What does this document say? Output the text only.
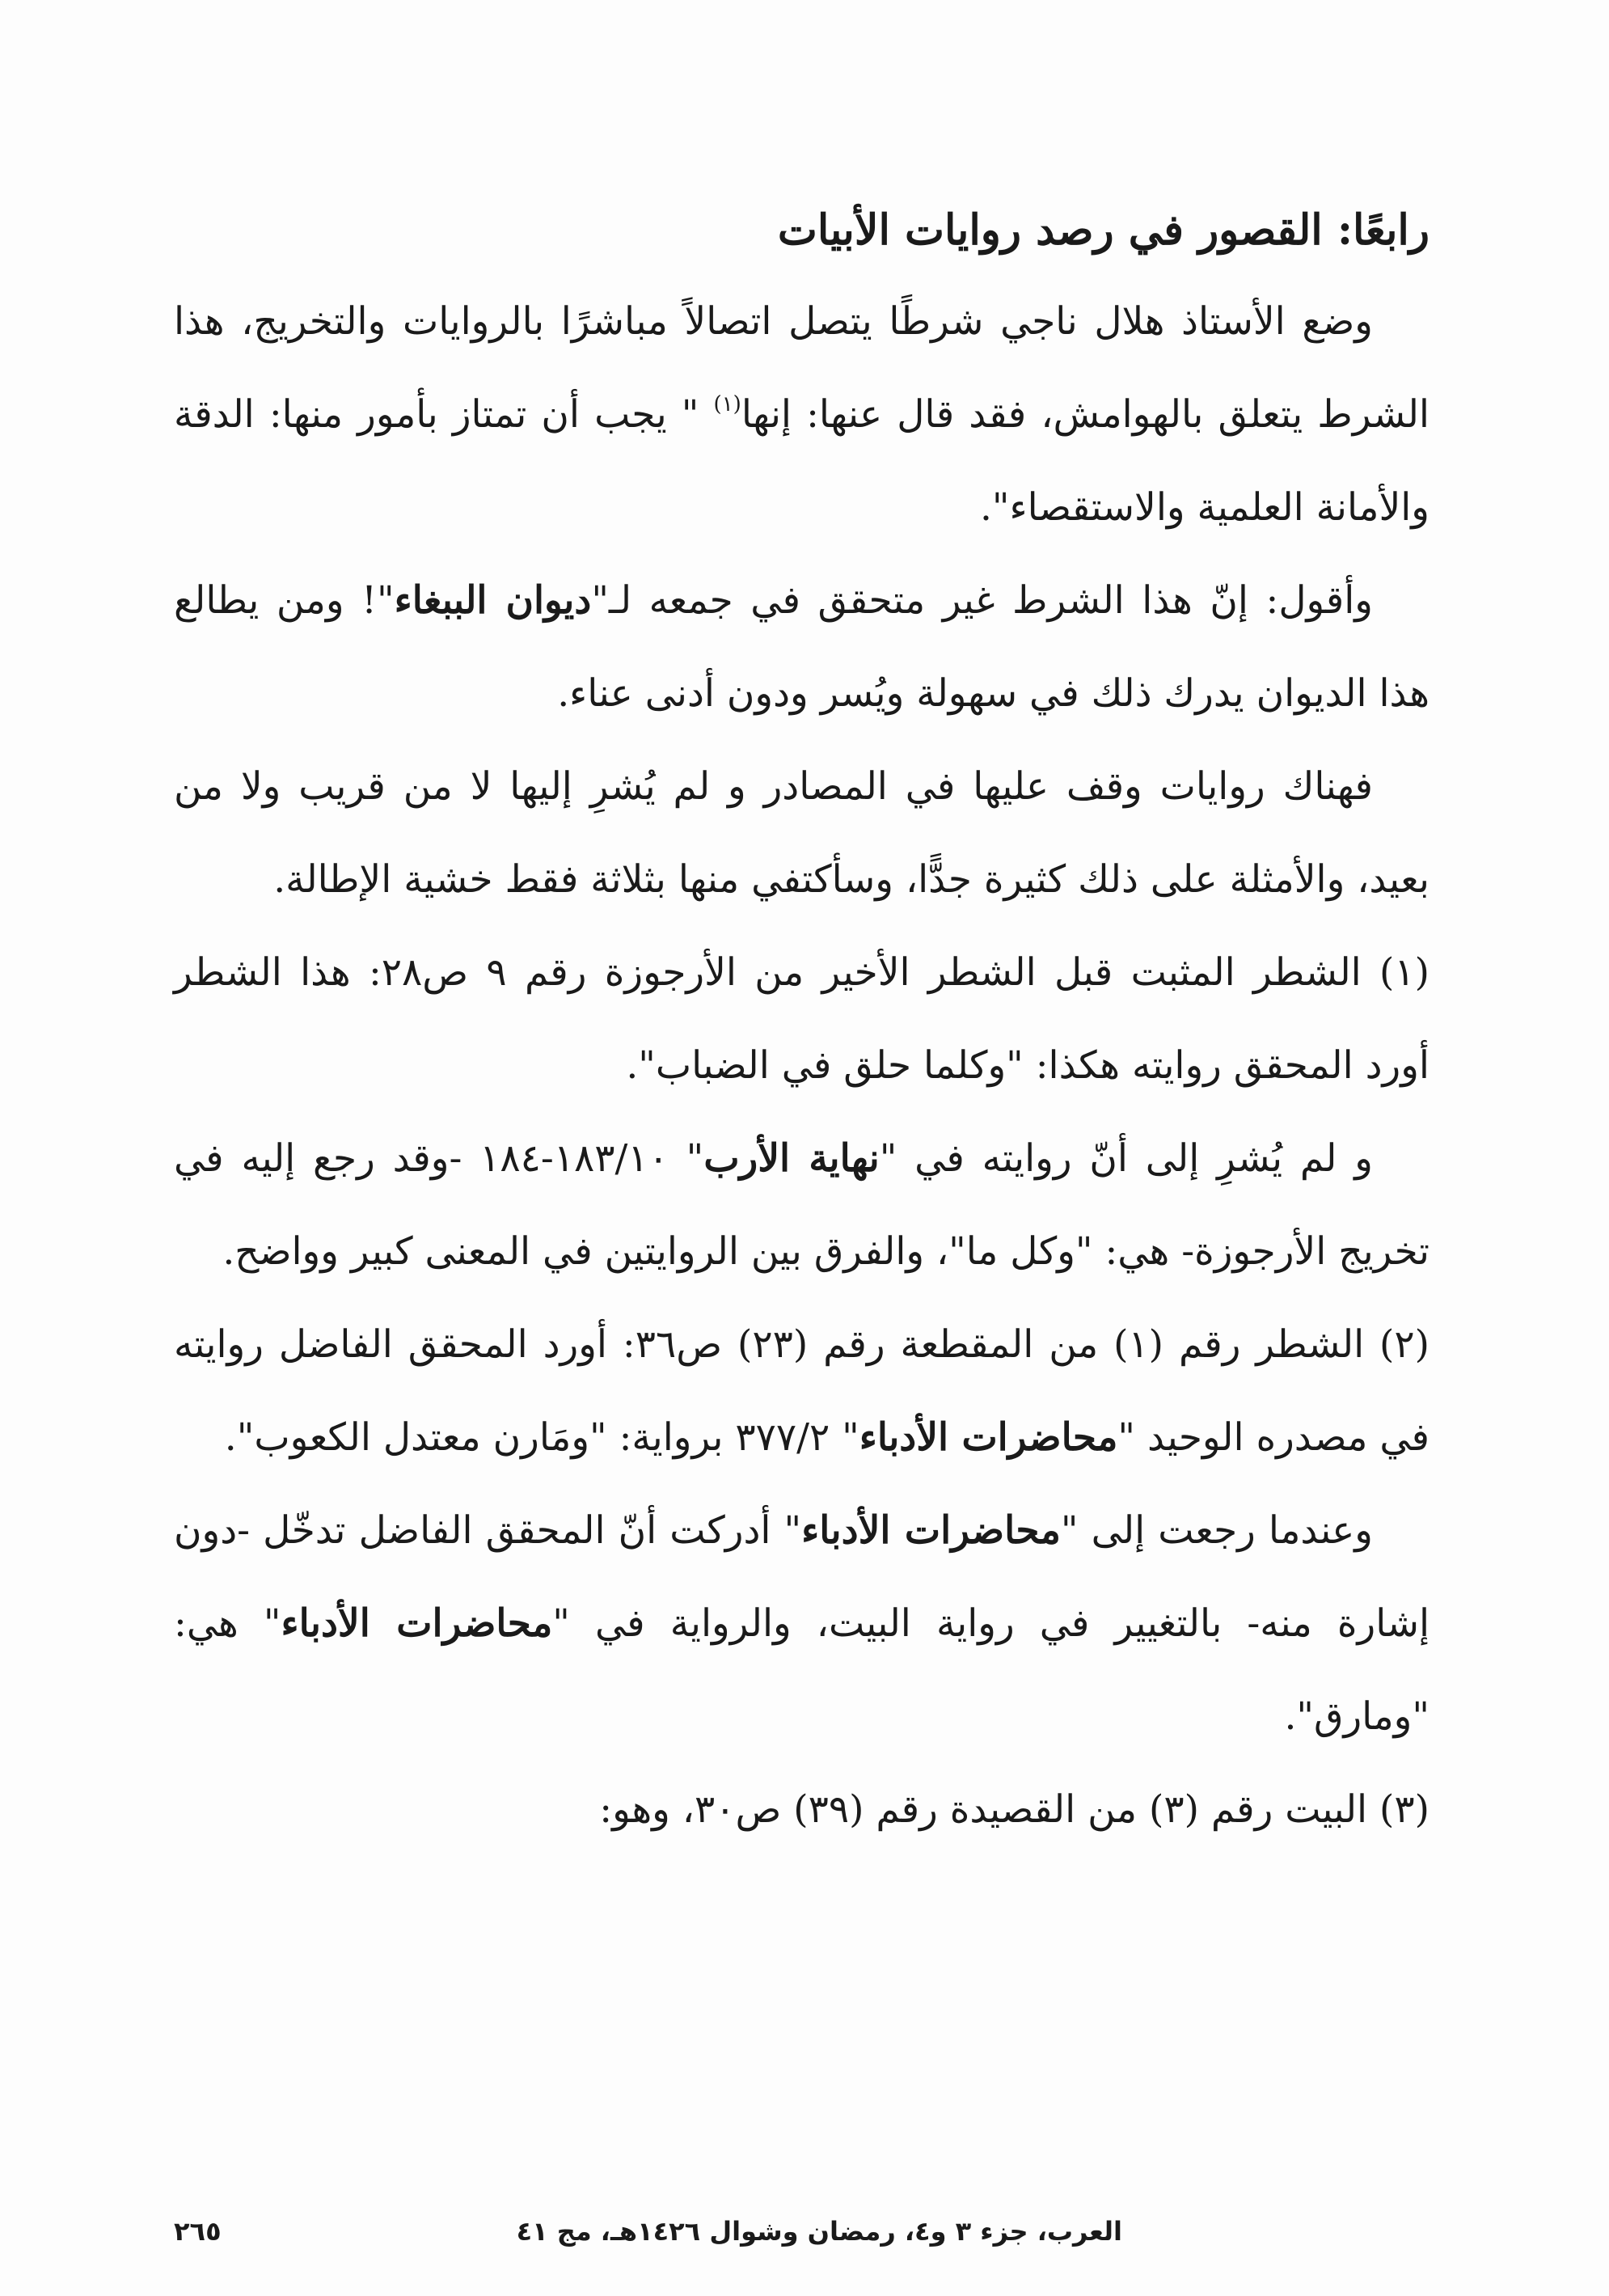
رابعًا: القصور في رصد روايات الأبيات

وضع الأستاذ هلال ناجي شرطًا يتصل اتصالاً مباشرًا بالروايات والتخريج، هذا الشرط يتعلق بالهوامش، فقد قال عنها: إنها$^{(١)}$ " يجب أن تمتاز بأمور منها: الدقة والأمانة العلمية والاستقصاء".

وأقول: إنّ هذا الشرط غير متحقق في جمعه لـ"ديوان الببغاء"! ومن يطالع هذا الديوان يدرك ذلك في سهولة ويُسر ودون أدنى عناء.

فهناك روايات وقف عليها في المصادر و لم يُشرِ إليها لا من قريب ولا من بعيد، والأمثلة على ذلك كثيرة جدًّا، وسأكتفي منها بثلاثة فقط خشية الإطالة.

(١) الشطر المثبت قبل الشطر الأخير من الأرجوزة رقم ٩ ص٢٨: هذا الشطر أورد المحقق روايته هكذا: "وكلما حلق في الضباب".

و لم يُشرِ إلى أنّ روايته في "نهاية الأرب" ١٨٣/١٠-١٨٤ -وقد رجع إليه في تخريج الأرجوزة- هي: "وكل ما"، والفرق بين الروايتين في المعنى كبير وواضح.

(٢) الشطر رقم (١) من المقطعة رقم (٢٣) ص٣٦: أورد المحقق الفاضل روايته في مصدره الوحيد "محاضرات الأدباء" ٣٧٧/٢ برواية: "ومَارن معتدل الكعوب".

وعندما رجعت إلى "محاضرات الأدباء" أدركت أنّ المحقق الفاضل تدخّل -دون إشارة منه- بالتغيير في رواية البيت، والرواية في "محاضرات الأدباء" هي: "ومارق".

(٣) البيت رقم (٣) من القصيدة رقم (٣٩) ص٣٠، وهو:

العرب، جزء ٣ و٤، رمضان وشوال ١٤٢٦هـ، مج ٤١
٢٦٥
